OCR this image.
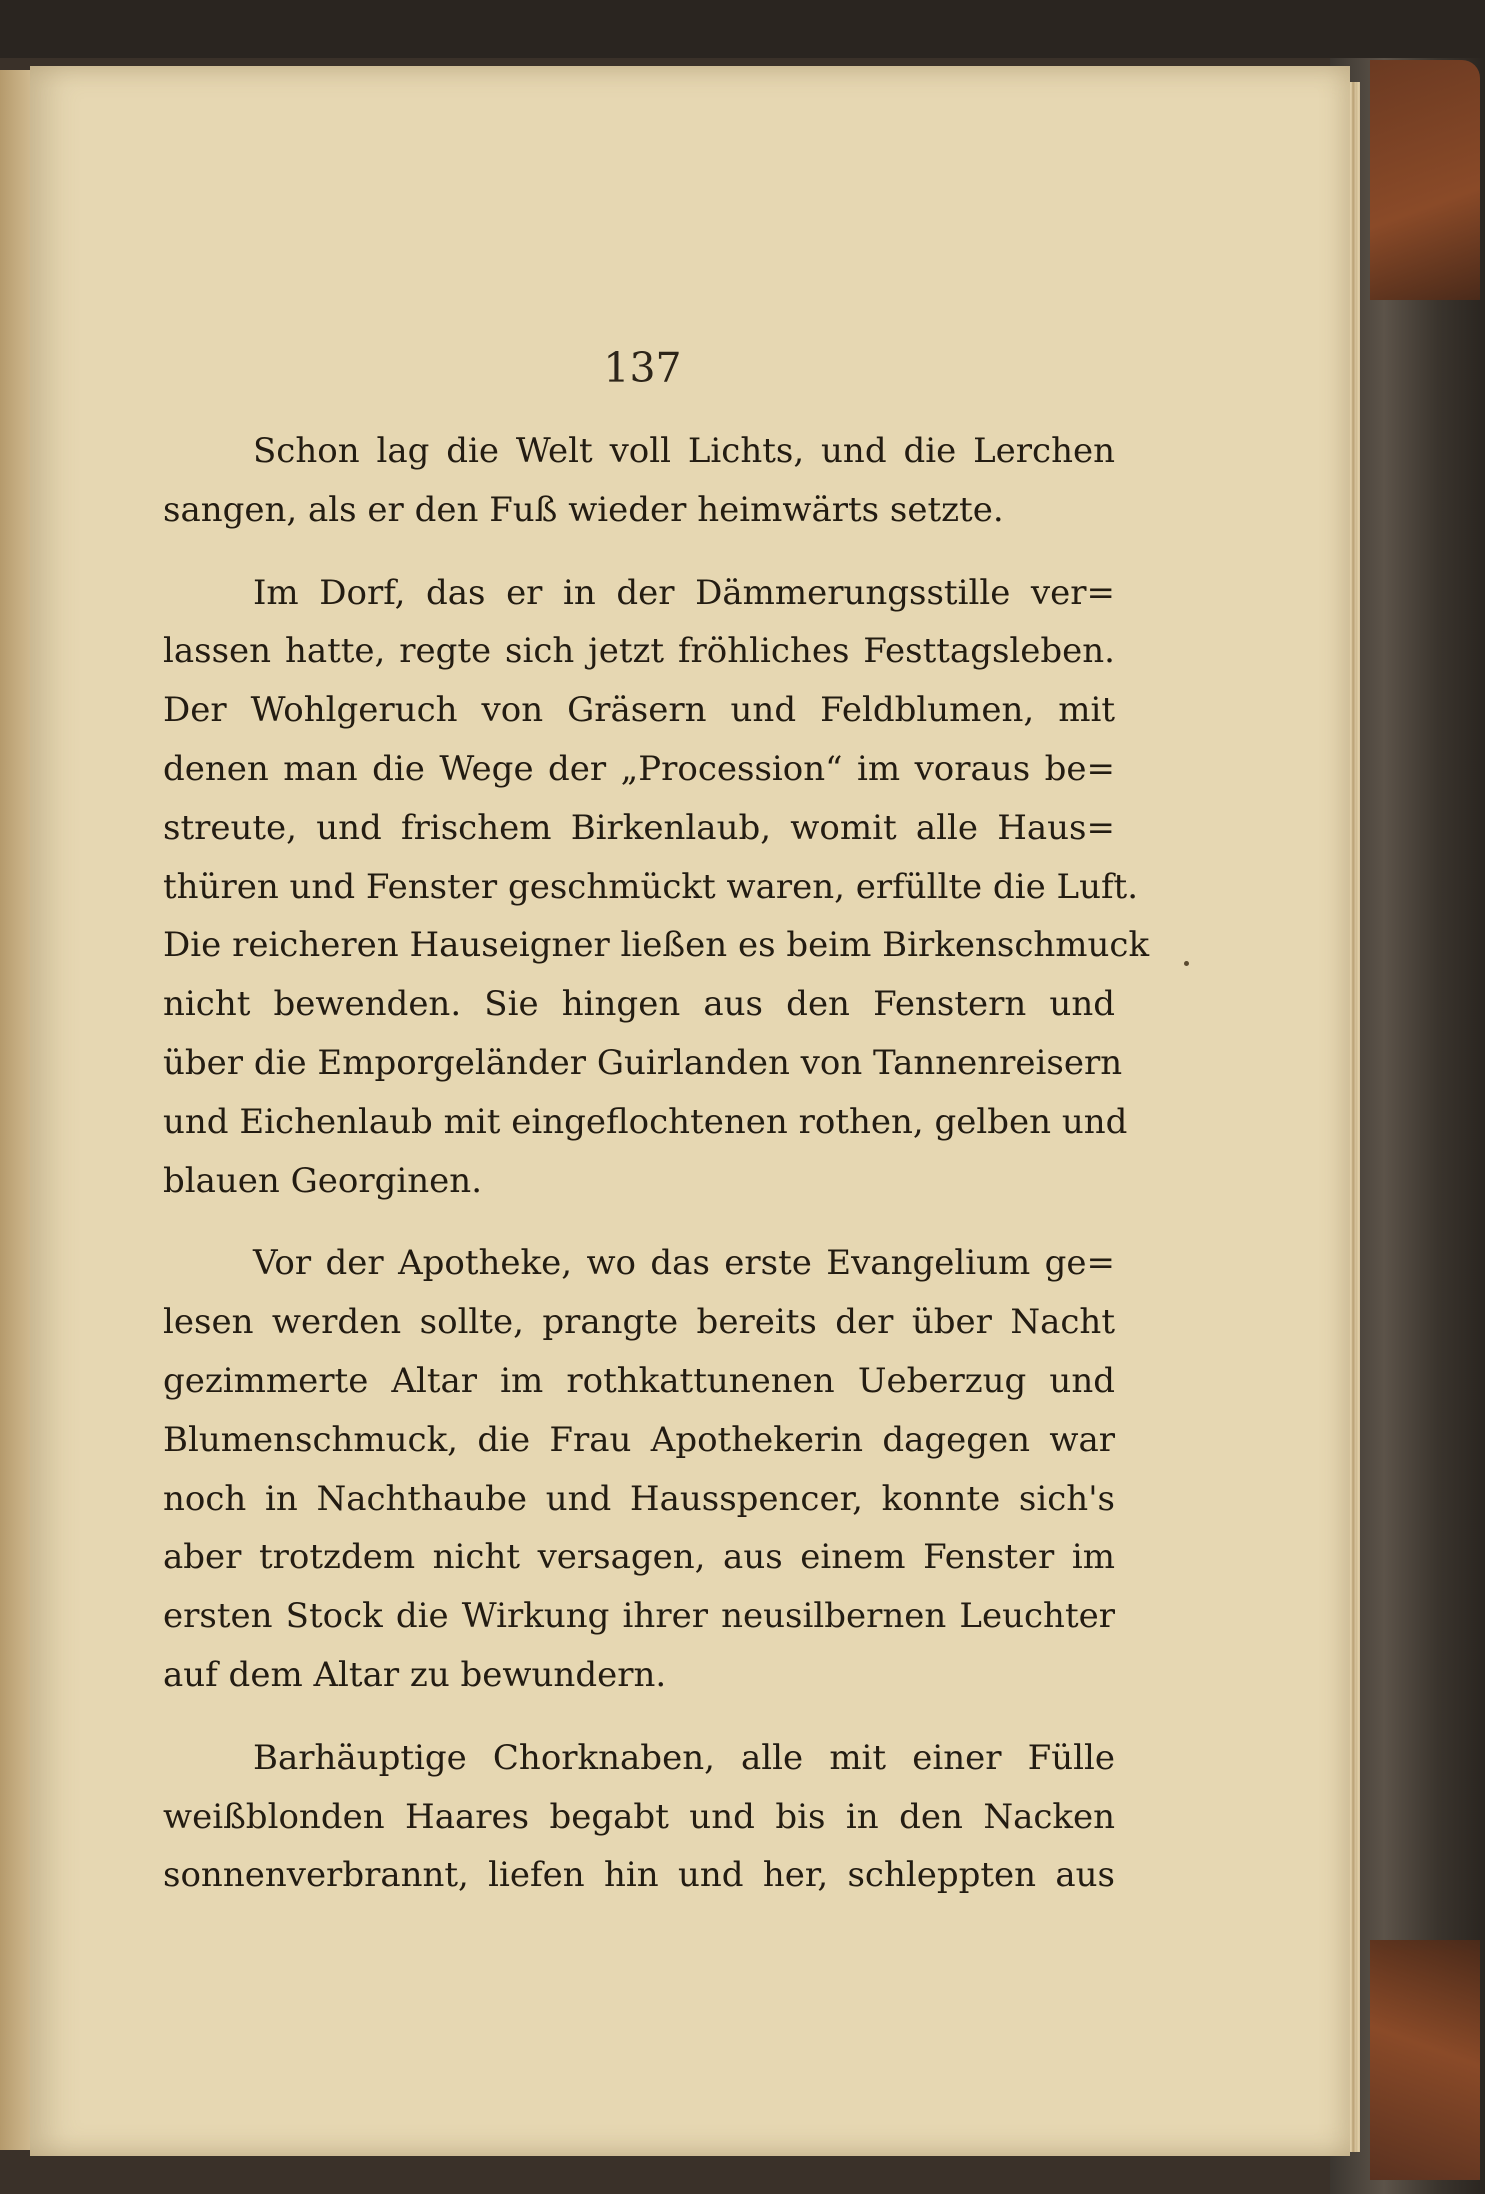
137

Schon lag die Welt voll Lichts, und die Lerchen
sangen, als er den Fuß wieder heimwärts setzte.

Im Dorf, das er in der Dämmerungsstille ver=
lassen hatte, regte sich jetzt fröhliches Festtagsleben.
Der Wohlgeruch von Gräsern und Feldblumen, mit
denen man die Wege der „Procession“ im voraus be=
streute, und frischem Birkenlaub, womit alle Haus=
thüren und Fenster geschmückt waren, erfüllte die Luft.
Die reicheren Hauseigner ließen es beim Birkenschmuck
nicht bewenden. Sie hingen aus den Fenstern und
über die Emporgeländer Guirlanden von Tannenreisern
und Eichenlaub mit eingeflochtenen rothen, gelben und
blauen Georginen.

Vor der Apotheke, wo das erste Evangelium ge=
lesen werden sollte, prangte bereits der über Nacht
gezimmerte Altar im rothkattunenen Ueberzug und
Blumenschmuck, die Frau Apothekerin dagegen war
noch in Nachthaube und Hausspencer, konnte sich's
aber trotzdem nicht versagen, aus einem Fenster im
ersten Stock die Wirkung ihrer neusilbernen Leuchter
auf dem Altar zu bewundern.

Barhäuptige Chorknaben, alle mit einer Fülle
weißblonden Haares begabt und bis in den Nacken
sonnenverbrannt, liefen hin und her, schleppten aus
